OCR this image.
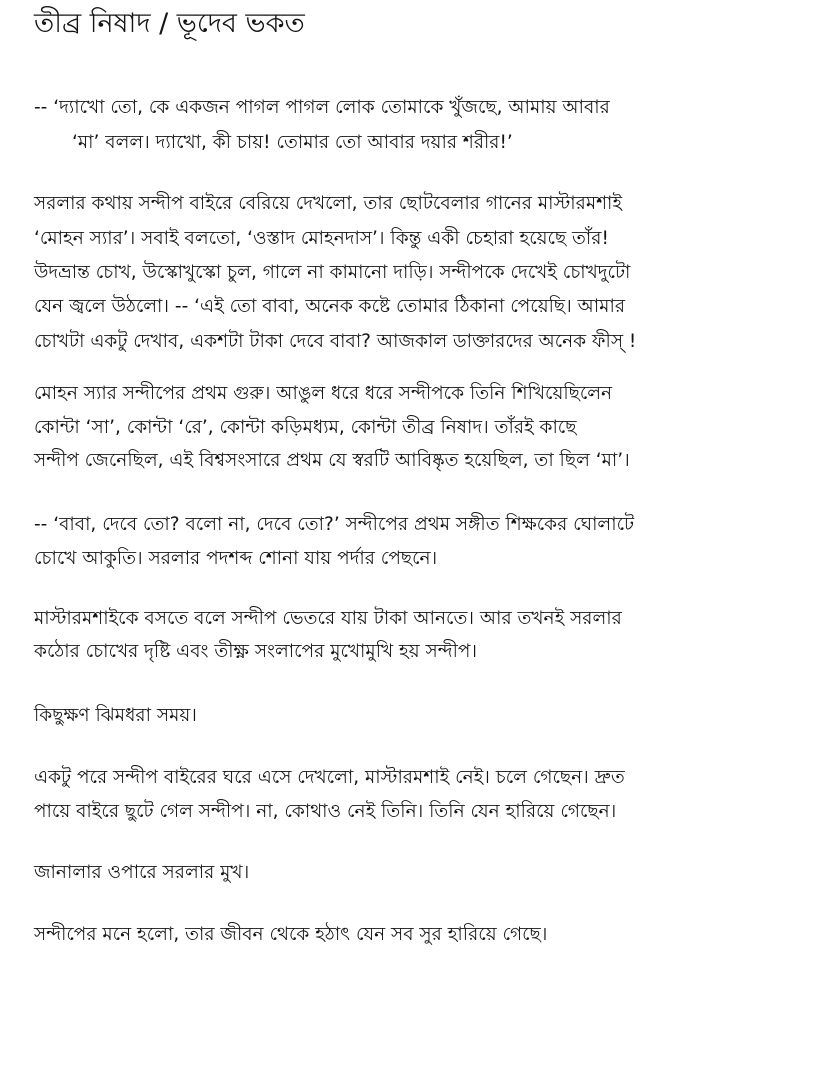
তীব্র নিষাদ / ভূদেব ভকত
-- ‘দ্যাখো তো, কে একজন পাগল পাগল লোক তোমাকে খুঁজছে, আমায় আবার
‘মা’ বলল। দ্যাখো, কী চায়! তোমার তো আবার দয়ার শরীর!’
সরলার কথায় সন্দীপ বাইরে বেরিয়ে দেখলো, তার ছোটবেলার গানের মাস্টারমশাই
‘মোহন স্যার’। সবাই বলতো, ‘ওস্তাদ মোহনদাস’। কিন্তু একী চেহারা হয়েছে তাঁর!
উদভ্রান্ত চোখ, উস্কোখুস্কো চুল, গালে না কামানো দাড়ি। সন্দীপকে দেখেই চোখদুটো
যেন জ্বলে উঠলো। -- ‘এই তো বাবা, অনেক কষ্টে তোমার ঠিকানা পেয়েছি। আমার
চোখটা একটু দেখাব, একশটা টাকা দেবে বাবা? আজকাল ডাক্তারদের অনেক ফীস্ !
মোহন স্যার সন্দীপের প্রথম গুরু। আঙুল ধরে ধরে সন্দীপকে তিনি শিখিয়েছিলেন
কোন্টা ‘সা’, কোন্টা ‘রে’, কোন্টা কড়িমধ্যম, কোন্টা তীব্র নিষাদ। তাঁরই কাছে
সন্দীপ জেনেছিল, এই বিশ্বসংসারে প্রথম যে স্বরটি আবিষ্কৃত হয়েছিল, তা ছিল ‘মা’।
-- ‘বাবা, দেবে তো? বলো না, দেবে তো?’ সন্দীপের প্রথম সঙ্গীত শিক্ষকের ঘোলাটে
চোখে আকুতি। সরলার পদশব্দ শোনা যায় পর্দার পেছনে।
মাস্টারমশাইকে বসতে বলে সন্দীপ ভেতরে যায় টাকা আনতে। আর তখনই সরলার
কঠোর চোখের দৃষ্টি এবং তীক্ষ্ণ সংলাপের মুখোমুখি হয় সন্দীপ।
কিছুক্ষণ ঝিমধরা সময়।
একটু পরে সন্দীপ বাইরের ঘরে এসে দেখলো, মাস্টারমশাই নেই। চলে গেছেন। দ্রুত
পায়ে বাইরে ছুটে গেল সন্দীপ। না, কোথাও নেই তিনি। তিনি যেন হারিয়ে গেছেন।
জানালার ওপারে সরলার মুখ।
সন্দীপের মনে হলো, তার জীবন থেকে হঠাৎ যেন সব সুর হারিয়ে গেছে।
